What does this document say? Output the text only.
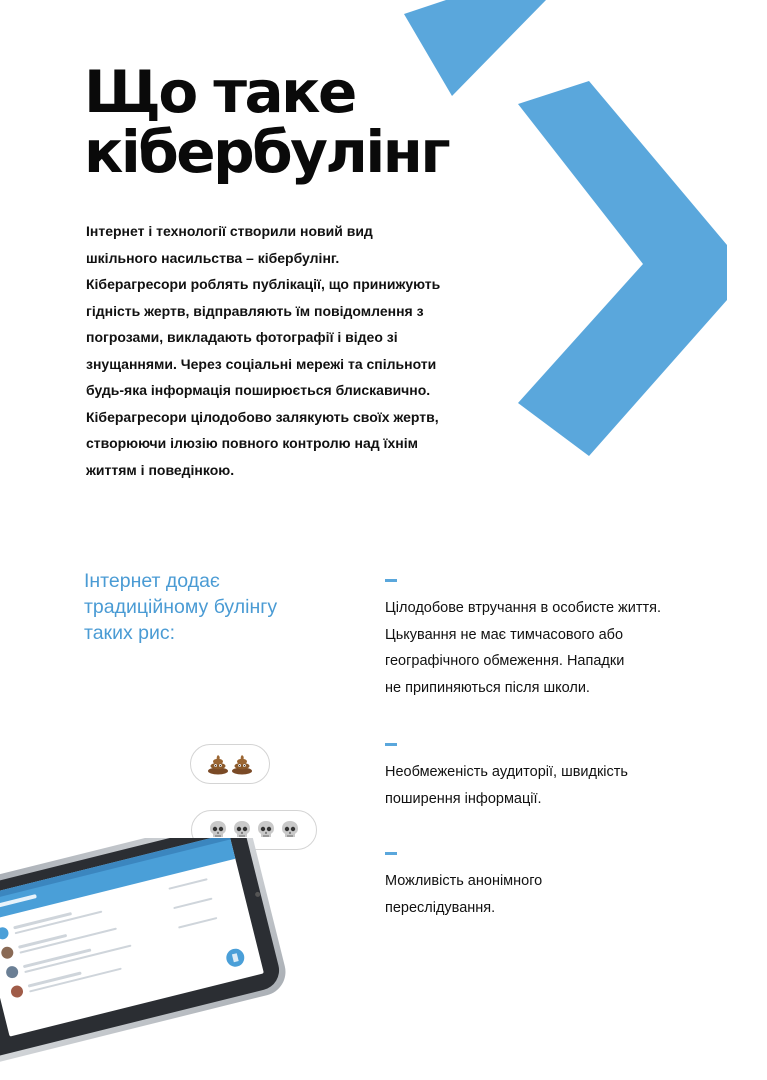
Що таке
кібербулінг
Інтернет і технології створили новий вид
шкільного насильства – кібербулінг.
Кіберагресори роблять публікації, що принижують
гідність жертв, відправляють їм повідомлення з
погрозами, викладають фотографії і відео зі
знущаннями. Через соціальні мережі та спільноти
будь-яка інформація поширюється блискавично.
Кіберагресори цілодобово залякують своїх жертв,
створюючи ілюзію повного контролю над їхнім
життям і поведінкою.
Інтернет додає
традиційному булінгу
таких рис:
Цілодобове втручання в особисте життя.
Цькування не має тимчасового або
географічного обмеження. Нападки
не припиняються після школи.
Необмеженість аудиторії, швидкість
поширення інформації.
Можливість анонімного
переслідування.
